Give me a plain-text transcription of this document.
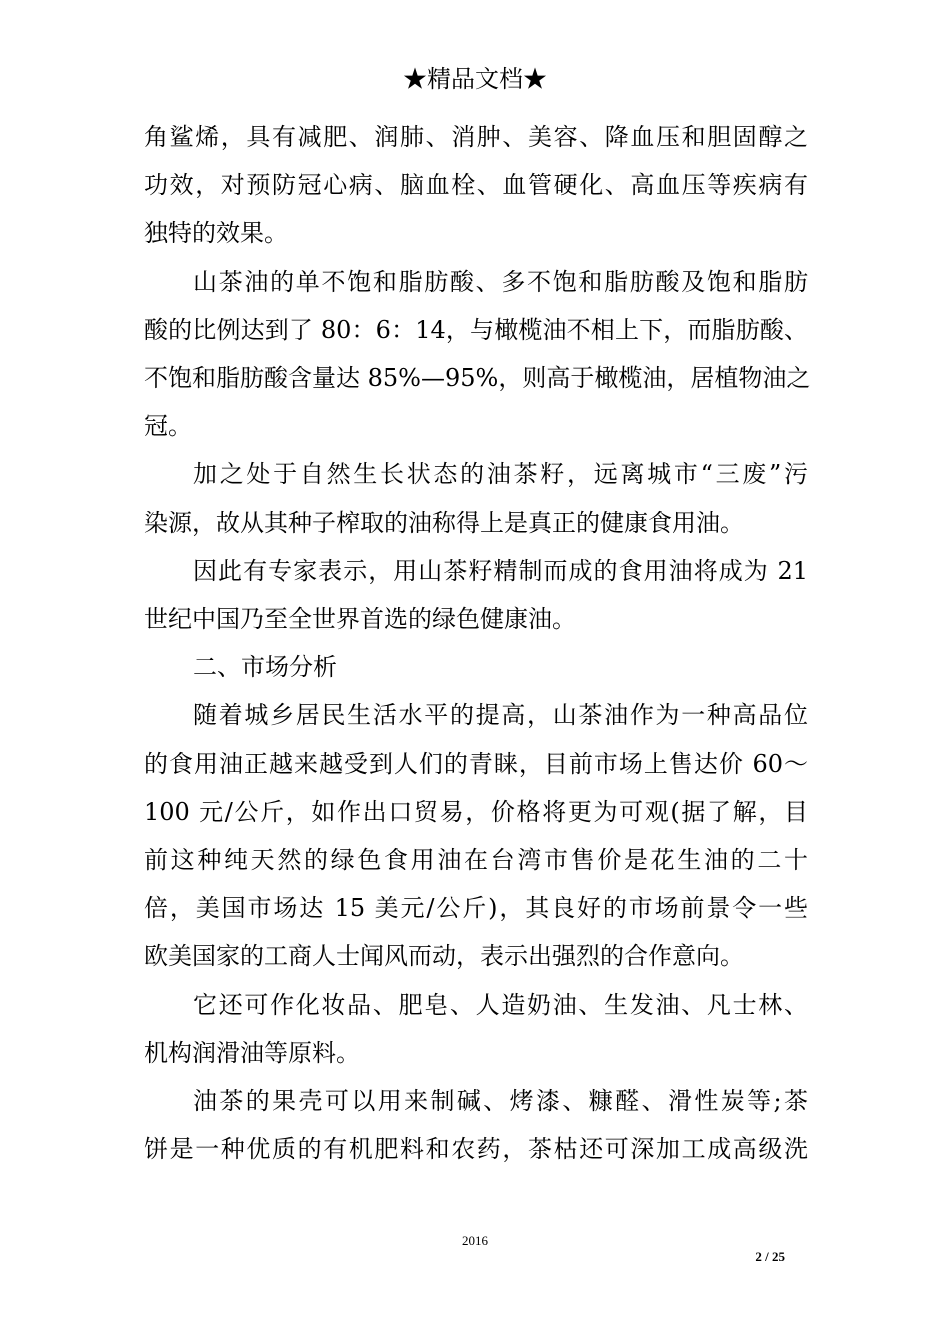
★精品文档★

角鲨烯，具有减肥、润肺、消肿、美容、降血压和胆固醇之
功效，对预防冠心病、脑血栓、血管硬化、高血压等疾病有
独特的效果。

山茶油的单不饱和脂肪酸、多不饱和脂肪酸及饱和脂肪
酸的比例达到了 80：6：14，与橄榄油不相上下，而脂肪酸、
不饱和脂肪酸含量达 85%—95%，则高于橄榄油，居植物油之
冠。

加之处于自然生长状态的油茶籽，远离城市“三废”污
染源，故从其种子榨取的油称得上是真正的健康食用油。

因此有专家表示，用山茶籽精制而成的食用油将成为 21
世纪中国乃至全世界首选的绿色健康油。

二、市场分析

随着城乡居民生活水平的提高，山茶油作为一种高品位
的食用油正越来越受到人们的青睐，目前市场上售达价 60～
100 元/公斤，如作出口贸易，价格将更为可观(据了解，目
前这种纯天然的绿色食用油在台湾市售价是花生油的二十
倍，美国市场达 15 美元/公斤)，其良好的市场前景令一些
欧美国家的工商人士闻风而动，表示出强烈的合作意向。

它还可作化妆品、肥皂、人造奶油、生发油、凡士林、
机构润滑油等原料。

油茶的果壳可以用来制碱、烤漆、糠醛、滑性炭等;茶
饼是一种优质的有机肥料和农药，茶枯还可深加工成高级洗

2016
2 / 25
